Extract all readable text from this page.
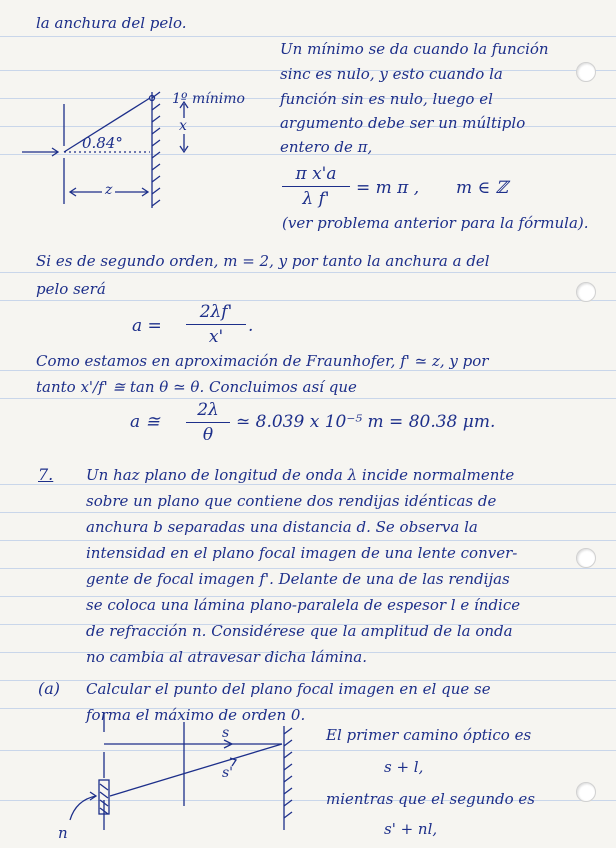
la anchura del pelo.
1º mínimo
0.84°
x
z
Un mínimo se da cuando la función
sinc es nulo, y esto cuando la
función sin es nulo, luego el
argumento debe ser un múltiplo
entero de π,
$\frac{\text{π x'a}}{\text{λ f'}} = m$ π , m ∈ ℤ
(ver problema anterior para la fórmula).
Si es de segundo orden, m = 2, y por tanto la anchura a del
pelo será
$a = \frac{2\lambda f'}{x'}$ .
Como estamos en aproximación de Fraunhofer, f' ≃ z, y por
tanto x'/f' ≅ tan θ ≃ θ. Concluimos así que
a ≅ $\frac{2\lambda}{\theta}$ ≃ 8.039 x 10⁻⁵ m = 80.38 μm.
7. Un haz plano de longitud de onda λ incide normalmente
sobre un plano que contiene dos rendijas idénticas de
anchura b separadas una distancia d. Se observa la
intensidad en el plano focal imagen de una lente conver-
gente de focal imagen f'. Delante de una de las rendijas
se coloca una lámina plano-paralela de espesor l e índice
de refracción n. Considérese que la amplitud de la onda
no cambia al atravesar dicha lámina.
(a) Calcular el punto del plano focal imagen en el que se
forma el máximo de orden 0.
s
s'
n
El primer camino óptico es
s + l,
mientras que el segundo es
s' + nl,
